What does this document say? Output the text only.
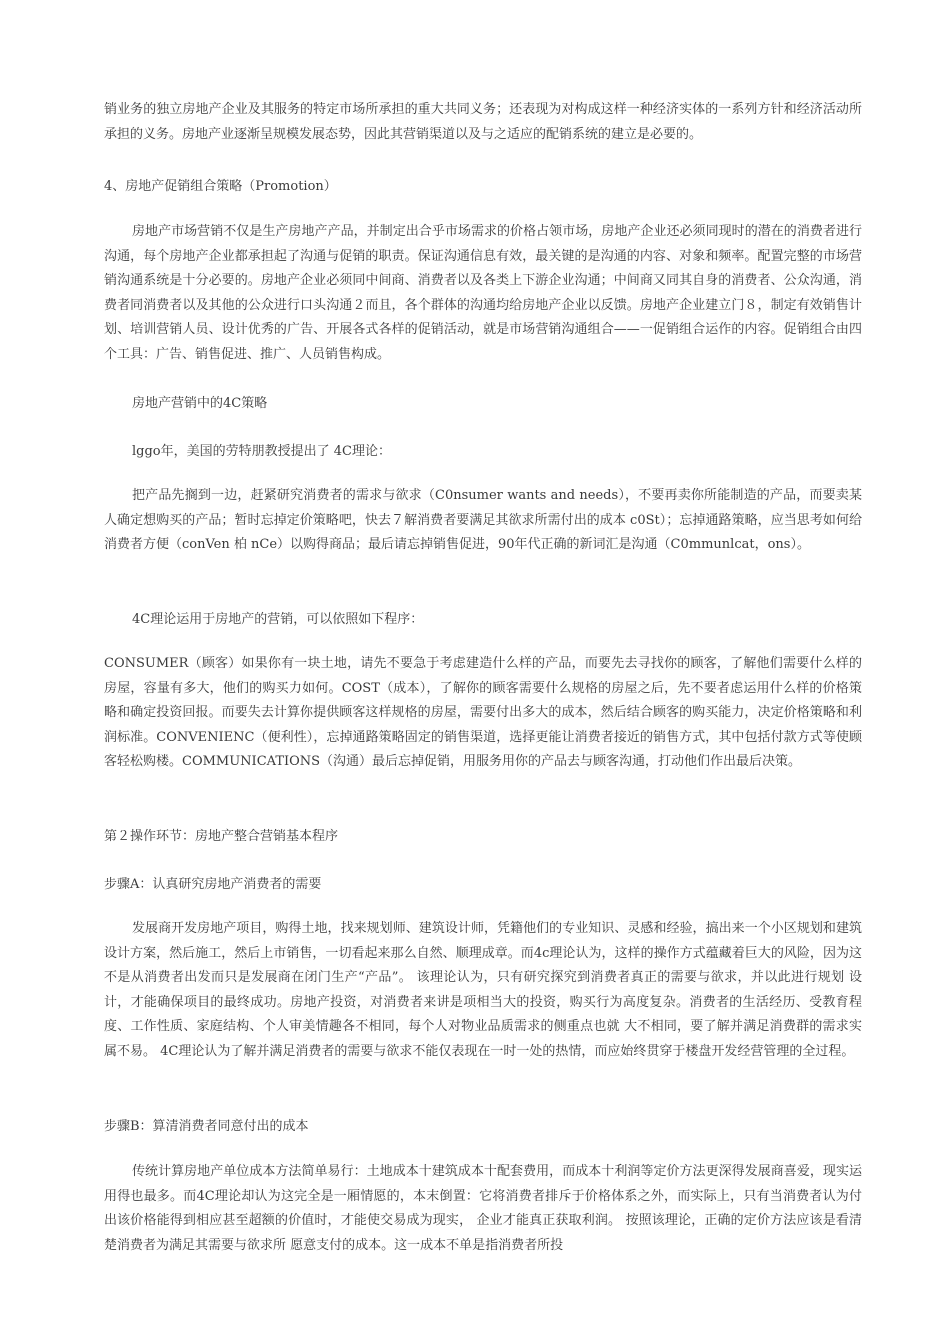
销业务的独立房地产企业及其服务的特定市场所承担的重大共同义务；还表现为对构成这样一种经济实体的一系列方针和经济活动所承担的义务。房地产业逐渐呈规模发展态势，因此其营销渠道以及与之适应的配销系统的建立是必要的。

4、房地产促销组合策略（Promotion）

房地产市场营销不仅是生产房地产产品，并制定出合乎市场需求的价格占领市场，房地产企业还必须同现时的潜在的消费者进行沟通，每个房地产企业都承担起了沟通与促销的职责。保证沟通信息有效，最关键的是沟通的内容、对象和频率。配置完整的市场营销沟通系统是十分必要的。房地产企业必须同中间商、消费者以及各类上下游企业沟通；中间商又同其自身的消费者、公众沟通，消费者同消费者以及其他的公众进行口头沟通２而且，各个群体的沟通均给房地产企业以反馈。房地产企业建立门８，制定有效销售计划、培训营销人员、设计优秀的广告、开展各式各样的促销活动，就是市场营销沟通组合——一促销组合运作的内容。促销组合由四个工具：广告、销售促进、推广、人员销售构成。

房地产营销中的4C策略

lggo年，美国的劳特朋教授提出了 4C理论：

把产品先搁到一边，赶紧研究消费者的需求与欲求（C0nsumer wants and needs），不要再卖你所能制造的产品，而要卖某人确定想购买的产品；暂时忘掉定价策略吧，快去７解消费者要满足其欲求所需付出的成本 c0St）；忘掉通路策略，应当思考如何给消费者方便（conVen 柏 nCe）以购得商品；最后请忘掉销售促进，90年代正确的新词汇是沟通（C0mmunlcat，ons）。

4C理论运用于房地产的营销，可以依照如下程序：

CONSUMER（顾客）如果你有一块土地，请先不要急于考虑建造什么样的产品，而要先去寻找你的顾客，了解他们需要什么样的房屋，容量有多大，他们的购买力如何。COST（成本），了解你的顾客需要什么规格的房屋之后，先不要者虑运用什么样的价格策略和确定投资回报。而要失去计算你提供顾客这样规格的房屋，需要付出多大的成本，然后结合顾客的购买能力，决定价格策略和利润标准。CONVENIENC（便利性），忘掉通路策略固定的销售渠道，选择更能让消费者接近的销售方式，其中包括付款方式等使顾客轻松购楼。COMMUNICATIONS（沟通）最后忘掉促销，用服务用你的产品去与顾客沟通，打动他们作出最后决策。

第２操作环节：房地产整合营销基本程序

步骤A：认真研究房地产消费者的需要

发展商开发房地产项目，购得土地，找来规划师、建筑设计师，凭籍他们的专业知识、灵感和经验，搞出来一个小区规划和建筑设计方案，然后施工，然后上市销售，一切看起来那么自然、顺理成章。而4c理论认为，这样的操作方式蕴藏着巨大的风险，因为这不是从消费者出发而只是发展商在闭门生产“产品”。 该理论认为，只有研究探究到消费者真正的需要与欲求，并以此进行规划 设计，才能确保项目的最终成功。房地产投资，对消费者来讲是项相当大的投资，购买行为高度复杂。消费者的生活经历、受教育程度、工作性质、家庭结构、个人审美情趣各不相同，每个人对物业品质需求的侧重点也就 大不相同，要了解并满足消费群的需求实属不易。 4C理论认为了解并满足消费者的需要与欲求不能仅表现在一时一处的热情，而应始终贯穿于楼盘开发经营管理的全过程。

步骤B：算清消费者同意付出的成本

传统计算房地产单位成本方法简单易行：土地成本十建筑成本十配套费用，而成本十利润等定价方法更深得发展商喜爱，现实运用得也最多。而4C理论却认为这完全是一厢情愿的，本末倒置：它将消费者排斥于价格体系之外，而实际上，只有当消费者认为付出该价格能得到相应甚至超额的价值时，才能使交易成为现实， 企业才能真正获取利润。 按照该理论，正确的定价方法应该是看清楚消费者为满足其需要与欲求所 愿意支付的成本。这一成本不单是指消费者所投
